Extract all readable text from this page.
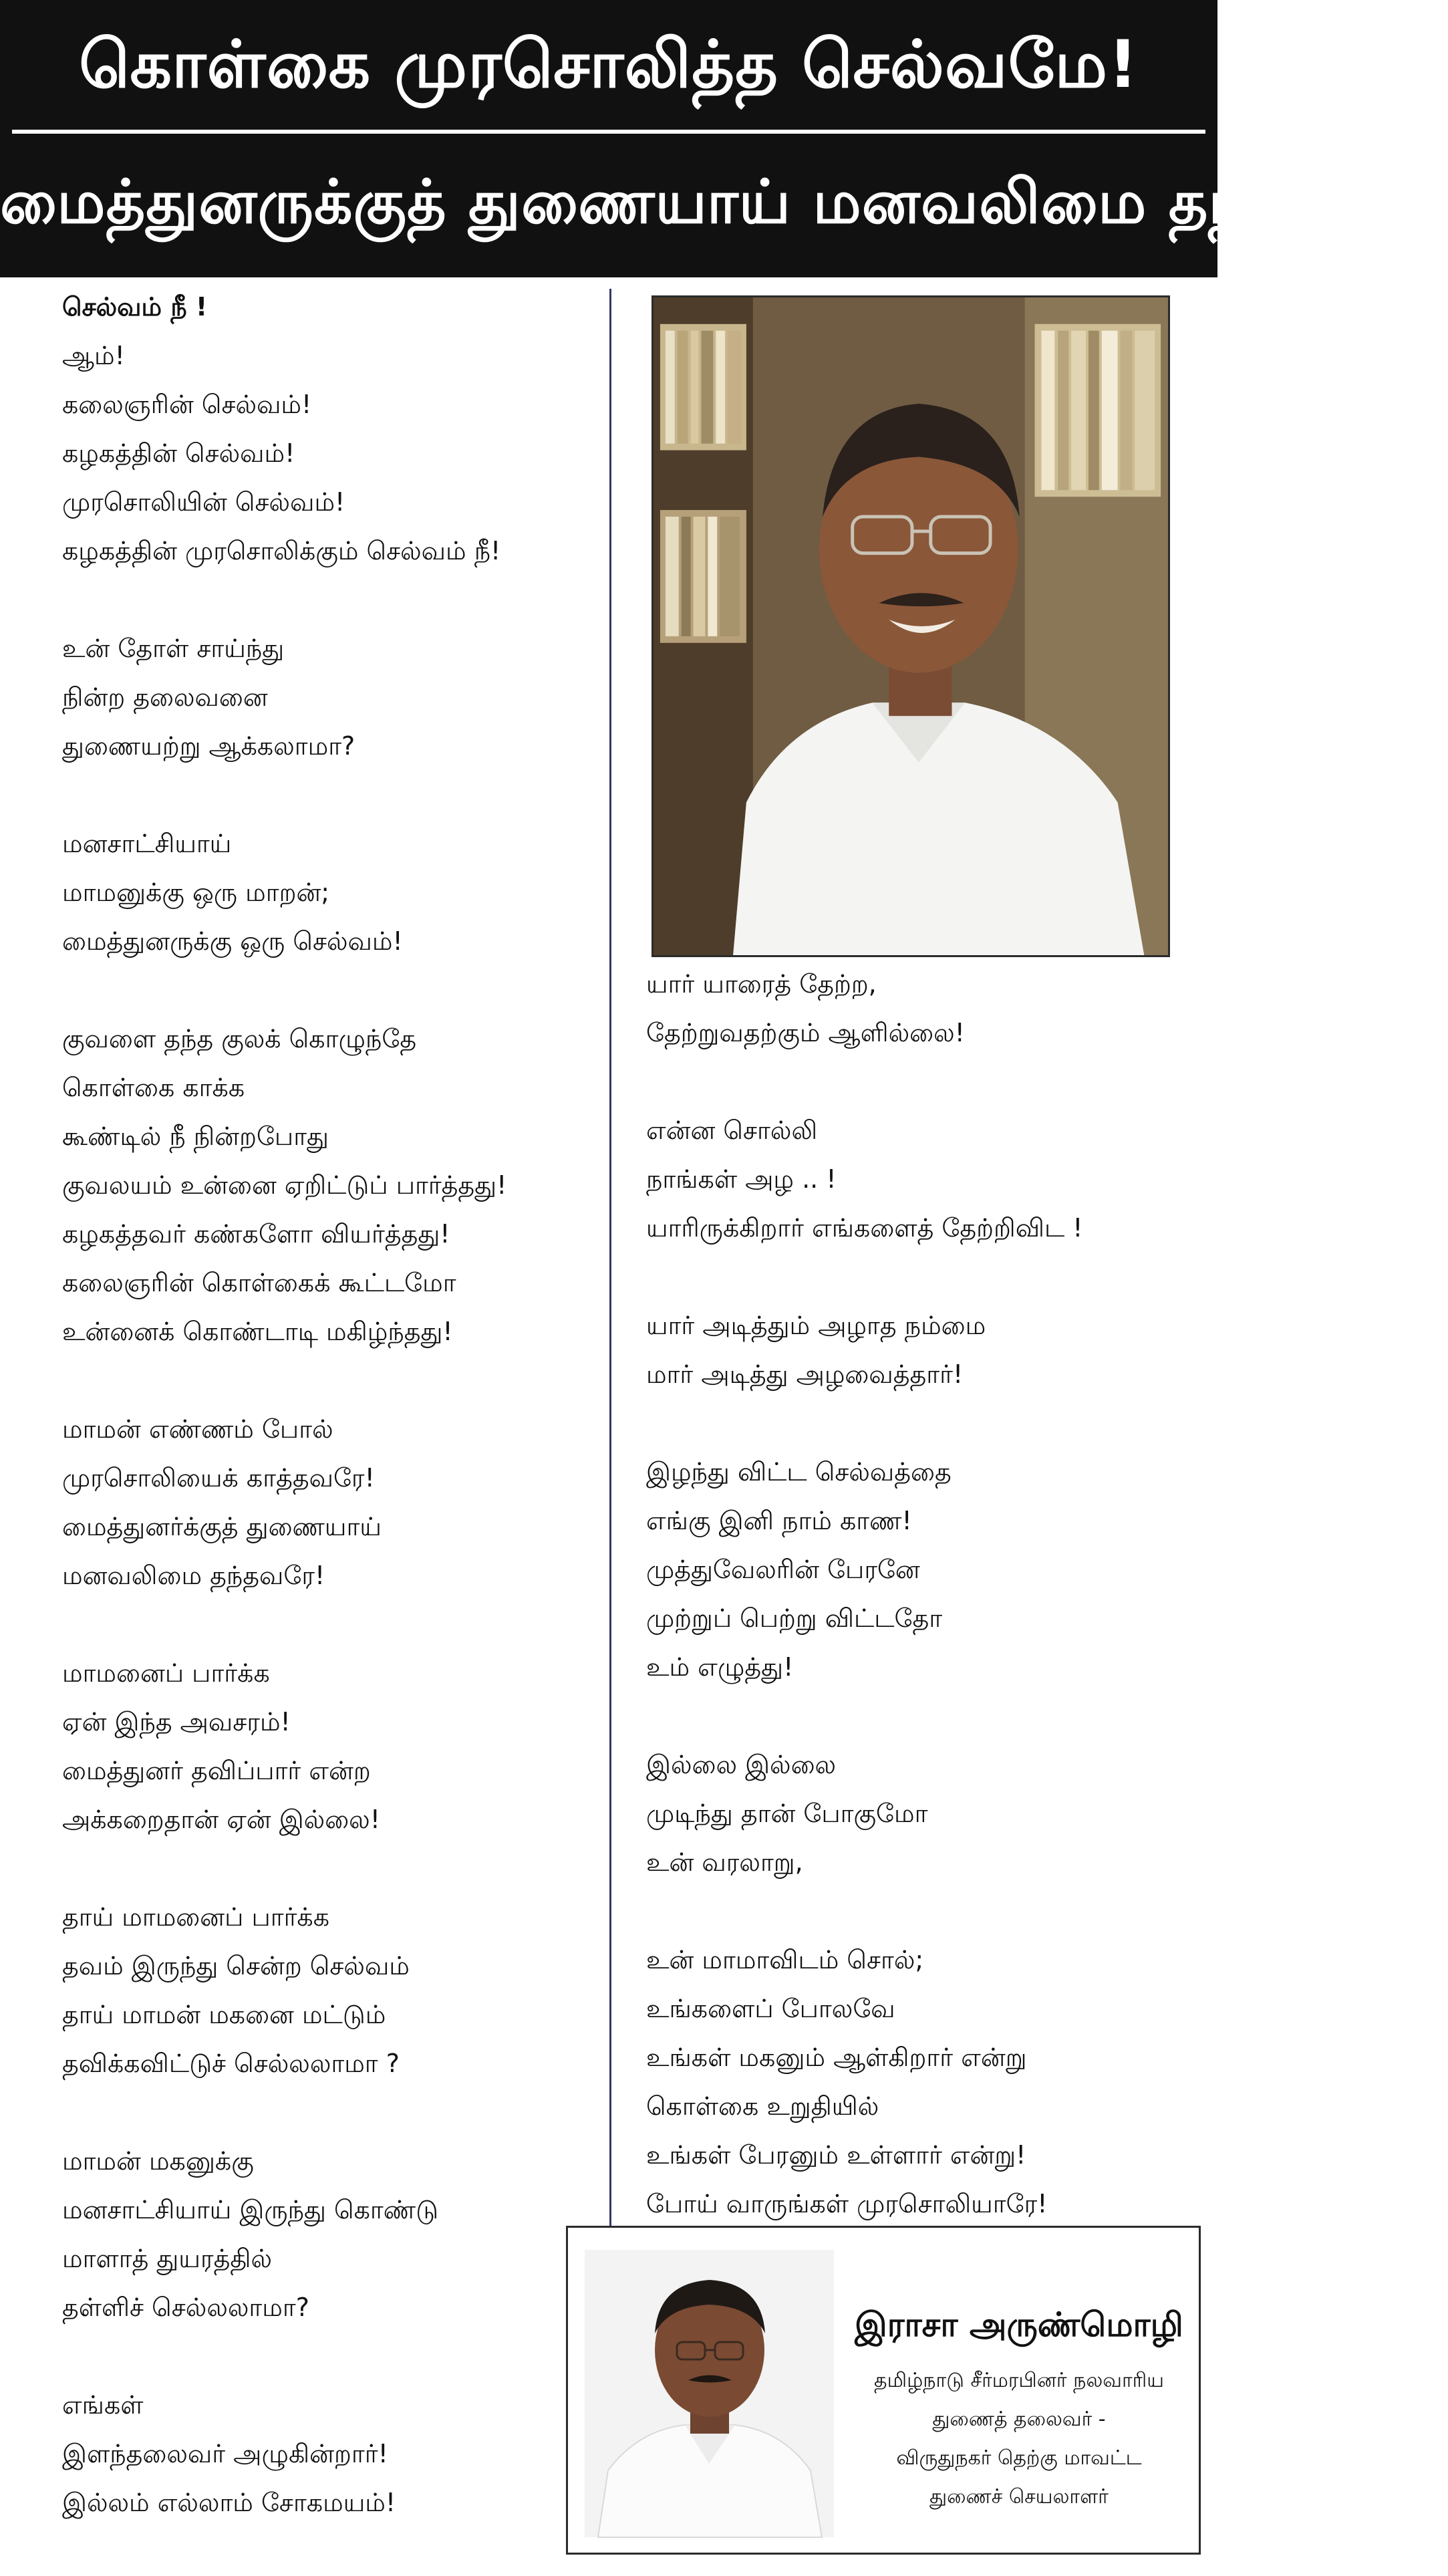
கொள்கை முரசொலித்த செல்வமே!
மைத்துனருக்குத் துணையாய் மனவலிமை தந்தவரே!
செல்வம் நீ !
ஆம்!
கலைஞரின் செல்வம்!
கழகத்தின் செல்வம்!
முரசொலியின் செல்வம்!
கழகத்தின் முரசொலிக்கும் செல்வம் நீ!
உன் தோள் சாய்ந்து
நின்ற தலைவனை
துணையற்று ஆக்கலாமா?
மனசாட்சியாய்
மாமனுக்கு ஒரு மாறன்;
மைத்துனருக்கு ஒரு செல்வம்!
குவளை தந்த குலக் கொழுந்தே
கொள்கை காக்க
கூண்டில் நீ நின்றபோது
குவலயம் உன்னை ஏறிட்டுப் பார்த்தது!
கழகத்தவர் கண்களோ வியர்த்தது!
கலைஞரின் கொள்கைக் கூட்டமோ
உன்னைக் கொண்டாடி மகிழ்ந்தது!
மாமன் எண்ணம் போல்
முரசொலியைக் காத்தவரே!
மைத்துனர்க்குத் துணையாய்
மனவலிமை தந்தவரே!
மாமனைப் பார்க்க
ஏன் இந்த அவசரம்!
மைத்துனர் தவிப்பார் என்ற
அக்கறைதான் ஏன் இல்லை!
தாய் மாமனைப் பார்க்க
தவம் இருந்து சென்ற செல்வம்
தாய் மாமன் மகனை மட்டும்
தவிக்கவிட்டுச் செல்லலாமா ?
மாமன் மகனுக்கு
மனசாட்சியாய் இருந்து கொண்டு
மாளாத் துயரத்தில்
தள்ளிச் செல்லலாமா?
எங்கள்
இளந்தலைவர் அழுகின்றார்!
இல்லம் எல்லாம் சோகமயம்!
யார் யாரைத் தேற்ற,
தேற்றுவதற்கும் ஆளில்லை!
என்ன சொல்லி
நாங்கள் அழ .. !
யாரிருக்கிறார் எங்களைத் தேற்றிவிட !
யார் அடித்தும் அழாத நம்மை
மார் அடித்து அழவைத்தார்!
இழந்து விட்ட செல்வத்தை
எங்கு இனி நாம் காண!
முத்துவேலரின் பேரனே
முற்றுப் பெற்று விட்டதோ
உம் எழுத்து!
இல்லை இல்லை
முடிந்து தான் போகுமோ
உன் வரலாறு,
உன் மாமாவிடம் சொல்;
உங்களைப் போலவே
உங்கள் மகனும் ஆள்கிறார் என்று
கொள்கை உறுதியில்
உங்கள் பேரனும் உள்ளார் என்று!
போய் வாருங்கள் முரசொலியாரே!
இராசா அருண்மொழி
தமிழ்நாடு சீர்மரபினர் நலவாரிய
துணைத் தலைவர் -
விருதுநகர் தெற்கு மாவட்ட
துணைச் செயலாளர்
